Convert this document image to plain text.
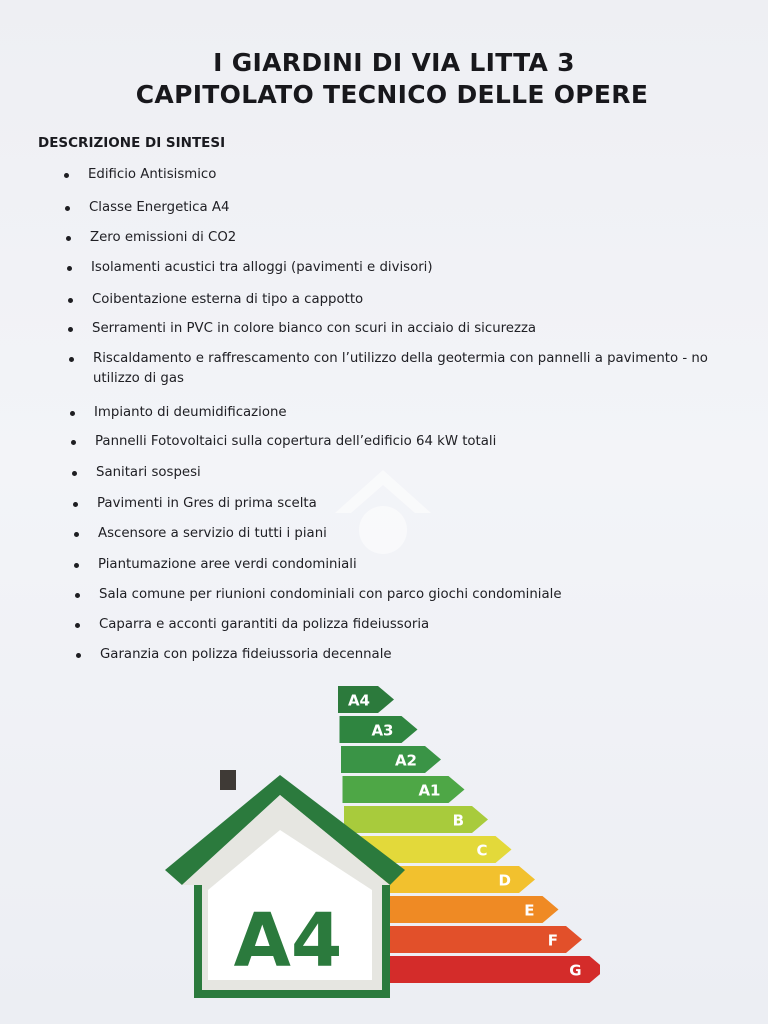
I GIARDINI DI VIA LITTA 3
CAPITOLATO TECNICO DELLE OPERE
DESCRIZIONE DI SINTESI
Edificio Antisismico
Classe Energetica A4
Zero emissioni di CO2
Isolamenti acustici tra alloggi (pavimenti e divisori)
Coibentazione esterna di tipo a cappotto
Serramenti in PVC in colore bianco con scuri in acciaio di sicurezza
Riscaldamento e raffrescamento con l’utilizzo della geotermia con pannelli a pavimento - no utilizzo di gas
Impianto di deumidificazione
Pannelli Fotovoltaici sulla copertura dell’edificio 64 kW totali
Sanitari sospesi
Pavimenti in Gres di prima scelta
Ascensore a servizio di tutti i piani
Piantumazione aree verdi condominiali
Sala comune per riunioni condominiali con parco giochi condominiale
Caparra e acconti garantiti da polizza fideiussoria
Garanzia con polizza fideiussoria decennale
A4
A3
A2
A1
B
C
D
E
F
G
A4
